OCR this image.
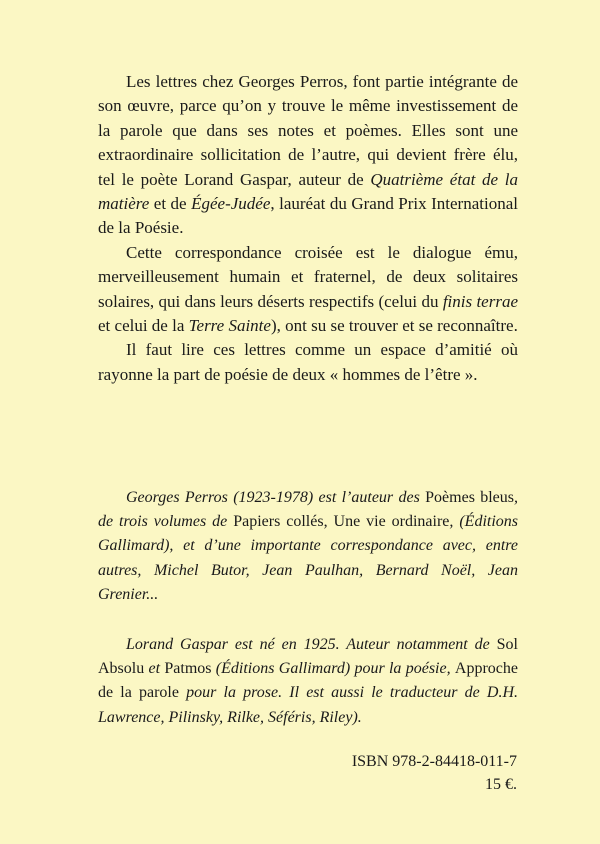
Les lettres chez Georges Perros, font partie intégrante de son œuvre, parce qu’on y trouve le même investissement de la parole que dans ses notes et poèmes. Elles sont une extraordinaire sollicitation de l’autre, qui devient frère élu, tel le poète Lorand Gaspar, auteur de Quatrième état de la matière et de Égée-Judée, lauréat du Grand Prix International de la Poésie.

Cette correspondance croisée est le dialogue ému, merveilleusement humain et fraternel, de deux solitaires solaires, qui dans leurs déserts respectifs (celui du finis terrae et celui de la Terre Sainte), ont su se trouver et se reconnaître.

Il faut lire ces lettres comme un espace d’amitié où rayonne la part de poésie de deux « hommes de l’être ».

Georges Perros (1923-1978) est l’auteur des Poèmes bleus, de trois volumes de Papiers collés, Une vie ordinaire, (Éditions Gallimard), et d’une importante correspondance avec, entre autres, Michel Butor, Jean Paulhan, Bernard Noël, Jean Grenier...

Lorand Gaspar est né en 1925. Auteur notamment de Sol Absolu et Patmos (Éditions Gallimard) pour la poésie, Approche de la parole pour la prose. Il est aussi le traducteur de D.H. Lawrence, Pilinsky, Rilke, Séféris, Riley).

ISBN 978-2-84418-011-7
15 €.
